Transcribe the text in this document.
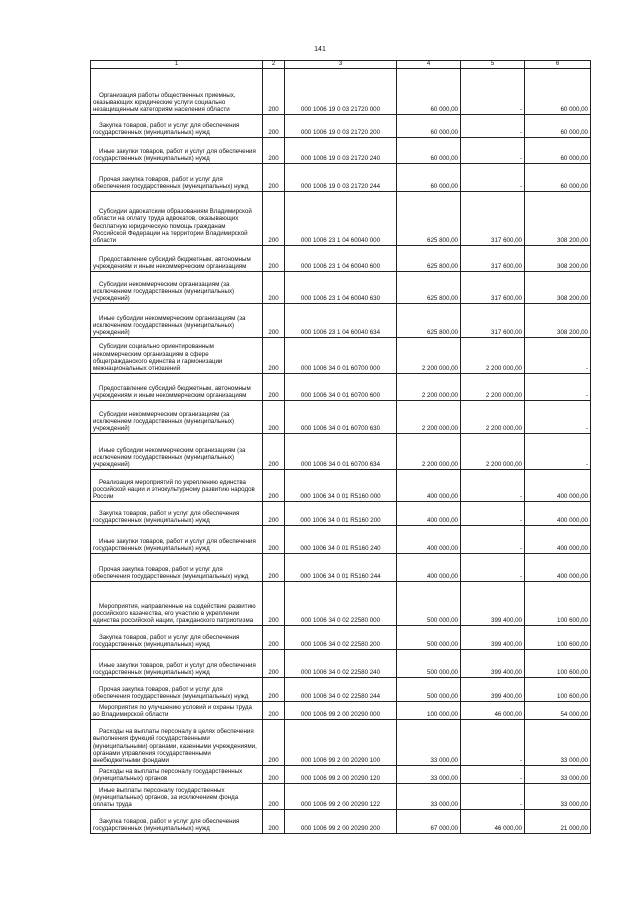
141
1	2	3	4	5	6
Организация работы общественных приемных, оказывающих юридические услуги социально незащищенным категориям населения области	200	000 1006 19 0 03 21720 000	60 000,00	-	60 000,00
Закупка товаров, работ и услуг для обеспечения государственных (муниципальных) нужд	200	000 1006 19 0 03 21720 200	60 000,00	-	60 000,00
Иные закупки товаров, работ и услуг для обеспечения государственных (муниципальных) нужд	200	000 1006 19 0 03 21720 240	60 000,00	-	60 000,00
Прочая закупка товаров, работ и услуг для обеспечения государственных (муниципальных) нужд	200	000 1006 19 0 03 21720 244	60 000,00	-	60 000,00
Субсидии адвокатским образованиям Владимирской области на оплату труда адвокатов, оказывающих бесплатную юридическую помощь гражданам Российской Федерации на территории Владимирской области	200	000 1006 23 1 04 60040 000	625 800,00	317 600,00	308 200,00
Предоставление субсидий бюджетным, автономным учреждениям и иным некоммерческим организациям	200	000 1006 23 1 04 60040 600	625 800,00	317 600,00	308 200,00
Субсидии некоммерческим организациям (за исключением государственных (муниципальных) учреждений)	200	000 1006 23 1 04 60040 630	625 800,00	317 600,00	308 200,00
Иные субсидии некоммерческим организациям (за исключением государственных (муниципальных) учреждений)	200	000 1006 23 1 04 60040 634	625 800,00	317 600,00	308 200,00
Субсидии социально ориентированным некоммерческим организациям в сфере общегражданского единства и гармонизации межнациональных отношений	200	000 1006 34 0 01 60700 000	2 200 000,00	2 200 000,00	-
Предоставление субсидий бюджетным, автономным учреждениям и иным некоммерческим организациям	200	000 1006 34 0 01 60700 600	2 200 000,00	2 200 000,00	-
Субсидии некоммерческим организациям (за исключением государственных (муниципальных) учреждений)	200	000 1006 34 0 01 60700 630	2 200 000,00	2 200 000,00	-
Иные субсидии некоммерческим организациям (за исключением государственных (муниципальных) учреждений)	200	000 1006 34 0 01 60700 634	2 200 000,00	2 200 000,00	-
Реализация мероприятий по укреплению единства российской нации и этнокультурному развитию народов России	200	000 1006 34 0 01 R5160 000	400 000,00	-	400 000,00
Закупка товаров, работ и услуг для обеспечения государственных (муниципальных) нужд	200	000 1006 34 0 01 R5160 200	400 000,00	-	400 000,00
Иные закупки товаров, работ и услуг для обеспечения государственных (муниципальных) нужд	200	000 1006 34 0 01 R5160 240	400 000,00	-	400 000,00
Прочая закупка товаров, работ и услуг для обеспечения государственных (муниципальных) нужд	200	000 1006 34 0 01 R5160 244	400 000,00	-	400 000,00
Мероприятия, направленные на содействие развитию российского казачества, его участию в укреплении единства российской нации, гражданского патриотизма	200	000 1006 34 0 02 22580 000	500 000,00	399 400,00	100 600,00
Закупка товаров, работ и услуг для обеспечения государственных (муниципальных) нужд	200	000 1006 34 0 02 22580 200	500 000,00	399 400,00	100 600,00
Иные закупки товаров, работ и услуг для обеспечения государственных (муниципальных) нужд	200	000 1006 34 0 02 22580 240	500 000,00	399 400,00	100 600,00
Прочая закупка товаров, работ и услуг для обеспечения государственных (муниципальных) нужд	200	000 1006 34 0 02 22580 244	500 000,00	399 400,00	100 600,00
Мероприятия по улучшению условий и охраны труда во Владимирской области	200	000 1006 99 2 00 20290 000	100 000,00	46 000,00	54 000,00
Расходы на выплаты персоналу в целях обеспечения выполнения функций государственными (муниципальными) органами, казенными учреждениями, органами управления государственными внебюджетными фондами	200	000 1006 99 2 00 20290 100	33 000,00	-	33 000,00
Расходы на выплаты персоналу государственных (муниципальных) органов	200	000 1006 99 2 00 20290 120	33 000,00	-	33 000,00
Иные выплаты персоналу государственных (муниципальных) органов, за исключением фонда оплаты труда	200	000 1006 99 2 00 20290 122	33 000,00	-	33 000,00
Закупка товаров, работ и услуг для обеспечения государственных (муниципальных) нужд	200	000 1006 99 2 00 20290 200	67 000,00	46 000,00	21 000,00
